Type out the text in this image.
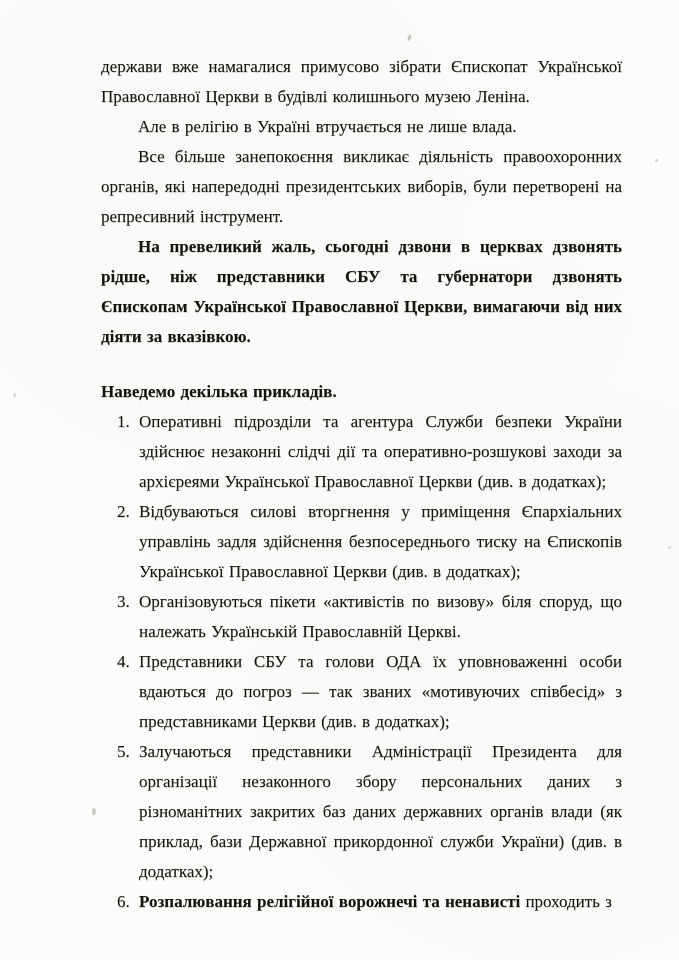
держави вже намагалися примусово зібрати Єпископат Української Православної Церкви в будівлі колишнього музею Леніна.

Але в релігію в Україні втручається не лише влада.

Все більше занепокоєння викликає діяльність правоохоронних органів, які напередодні президентських виборів, були перетворені на репресивний інструмент.

На превеликий жаль, сьогодні дзвони в церквах дзвонять рідше, ніж представники СБУ та губернатори дзвонять Єпископам Української Православної Церкви, вимагаючи від них діяти за вказівкою.

Наведемо декілька прикладів.

1. Оперативні підрозділи та агентура Служби безпеки України здійснює незаконні слідчі дії та оперативно-розшукові заходи за архієреями Української Православної Церкви (див. в додатках);
2. Відбуваються силові вторгнення у приміщення Єпархіальних управлінь задля здійснення безпосереднього тиску на Єпископів Української Православної Церкви (див. в додатках);
3. Організовуються пікети «активістів по визову» біля споруд, що належать Українській Православній Церкві.
4. Представники СБУ та голови ОДА їх уповноваженні особи вдаються до погроз — так званих «мотивуючих співбесід» з представниками Церкви (див. в додатках);
5. Залучаються представники Адміністрації Президента для організації незаконного збору персональних даних з різноманітних закритих баз даних державних органів влади (як приклад, бази Державної прикордонної служби України) (див. в додатках);
6. Розпалювання релігійної ворожнечі та ненависті проходить з
